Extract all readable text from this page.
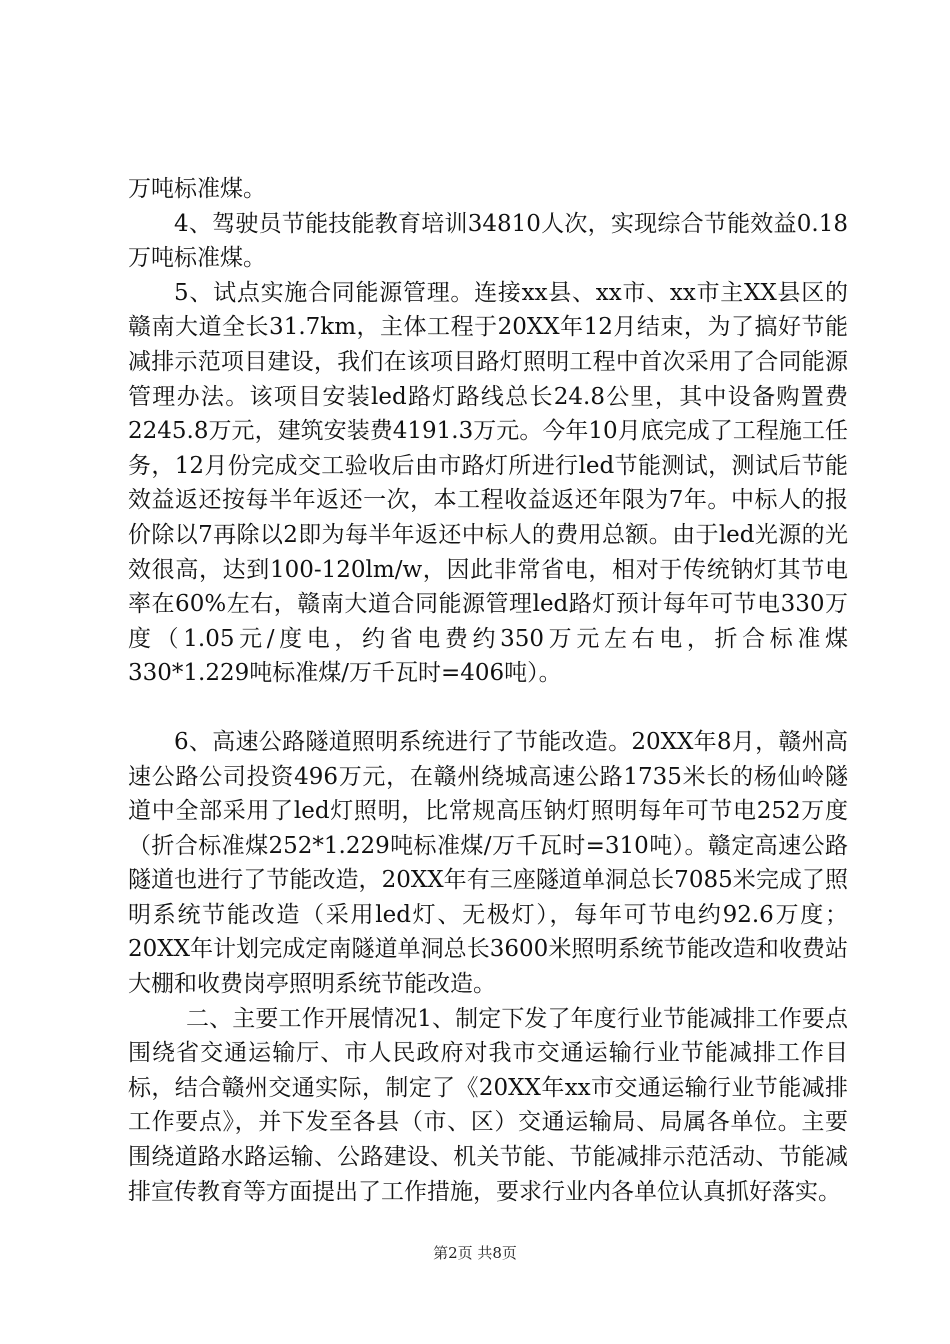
万吨标准煤。

4、驾驶员节能技能教育培训34810人次，实现综合节能效益0.18万吨标准煤。

5、试点实施合同能源管理。连接xx县、xx市、xx市主XX县区的赣南大道全长31.7km，主体工程于20XX年12月结束，为了搞好节能减排示范项目建设，我们在该项目路灯照明工程中首次采用了合同能源管理办法。该项目安装led路灯路线总长24.8公里，其中设备购置费2245.8万元，建筑安装费4191.3万元。今年10月底完成了工程施工任务，12月份完成交工验收后由市路灯所进行led节能测试，测试后节能效益返还按每半年返还一次，本工程收益返还年限为7年。中标人的报价除以7再除以2即为每半年返还中标人的费用总额。由于led光源的光效很高，达到100-120lm/w，因此非常省电，相对于传统钠灯其节电率在60%左右，赣南大道合同能源管理led路灯预计每年可节电330万度（1.05元/度电，约省电费约350万元左右电，折合标准煤330*1.229吨标准煤/万千瓦时=406吨）。

6、高速公路隧道照明系统进行了节能改造。20XX年8月，赣州高速公路公司投资496万元，在赣州绕城高速公路1735米长的杨仙岭隧道中全部采用了led灯照明，比常规高压钠灯照明每年可节电252万度（折合标准煤252*1.229吨标准煤/万千瓦时=310吨）。赣定高速公路隧道也进行了节能改造，20XX年有三座隧道单洞总长7085米完成了照明系统节能改造（采用led灯、无极灯），每年可节电约92.6万度；20XX年计划完成定南隧道单洞总长3600米照明系统节能改造和收费站大棚和收费岗亭照明系统节能改造。

二、主要工作开展情况1、制定下发了年度行业节能减排工作要点围绕省交通运输厅、市人民政府对我市交通运输行业节能减排工作目标，结合赣州交通实际，制定了《20XX年xx市交通运输行业节能减排工作要点》，并下发至各县（市、区）交通运输局、局属各单位。主要围绕道路水路运输、公路建设、机关节能、节能减排示范活动、节能减排宣传教育等方面提出了工作措施，要求行业内各单位认真抓好落实。

第2页 共8页
